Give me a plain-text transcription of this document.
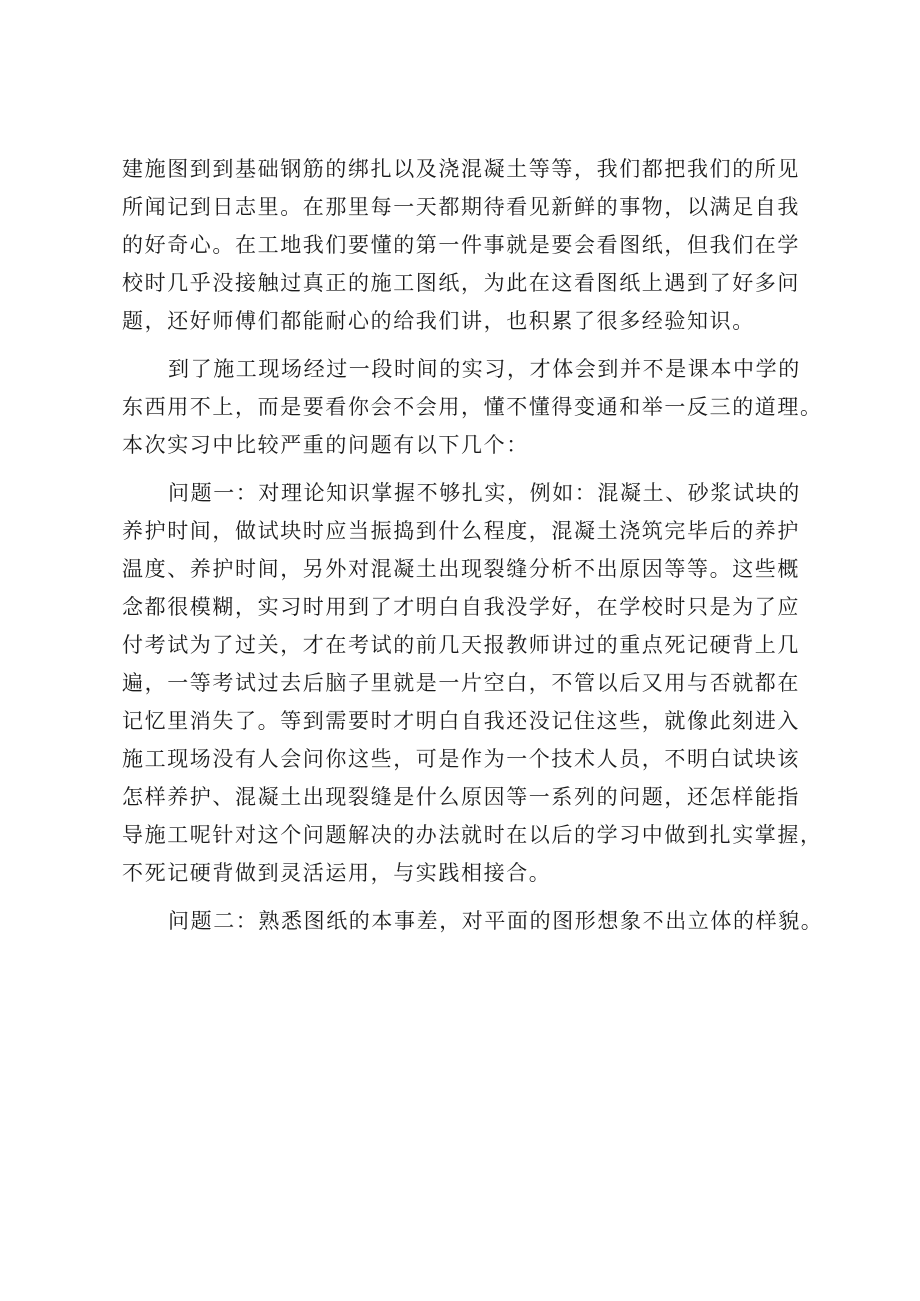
建施图到到基础钢筋的绑扎以及浇混凝土等等，我们都把我们的所见
所闻记到日志里。在那里每一天都期待看见新鲜的事物，以满足自我
的好奇心。在工地我们要懂的第一件事就是要会看图纸，但我们在学
校时几乎没接触过真正的施工图纸，为此在这看图纸上遇到了好多问
题，还好师傅们都能耐心的给我们讲，也积累了很多经验知识。

到了施工现场经过一段时间的实习，才体会到并不是课本中学的
东西用不上，而是要看你会不会用，懂不懂得变通和举一反三的道理。
本次实习中比较严重的问题有以下几个：

问题一：对理论知识掌握不够扎实，例如：混凝土、砂浆试块的
养护时间，做试块时应当振捣到什么程度，混凝土浇筑完毕后的养护
温度、养护时间，另外对混凝土出现裂缝分析不出原因等等。这些概
念都很模糊，实习时用到了才明白自我没学好，在学校时只是为了应
付考试为了过关，才在考试的前几天报教师讲过的重点死记硬背上几
遍，一等考试过去后脑子里就是一片空白，不管以后又用与否就都在
记忆里消失了。等到需要时才明白自我还没记住这些，就像此刻进入
施工现场没有人会问你这些，可是作为一个技术人员，不明白试块该
怎样养护、混凝土出现裂缝是什么原因等一系列的问题，还怎样能指
导施工呢针对这个问题解决的办法就时在以后的学习中做到扎实掌握，
不死记硬背做到灵活运用，与实践相接合。

问题二：熟悉图纸的本事差，对平面的图形想象不出立体的样貌。
